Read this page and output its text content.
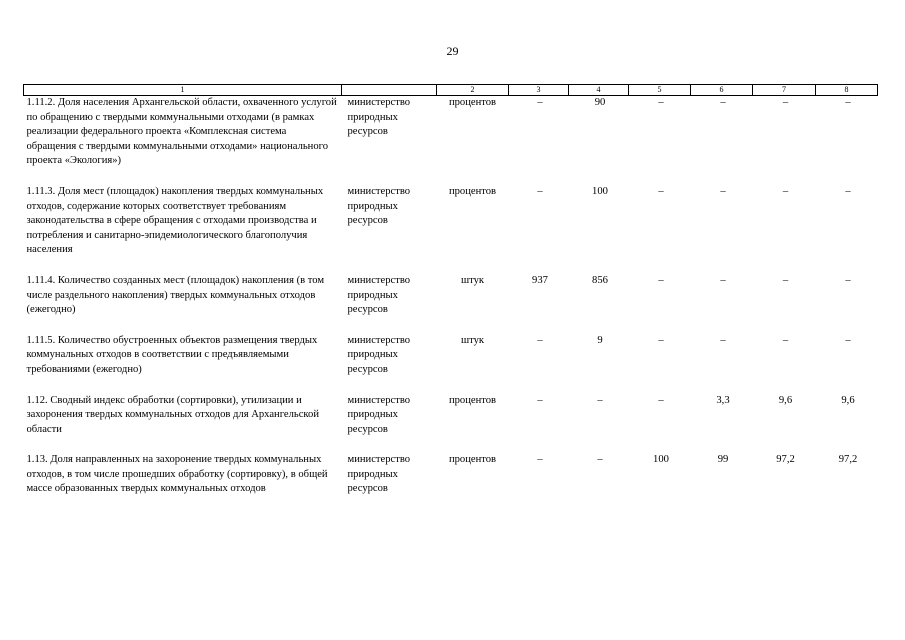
29
1		2	3	4	5	6	7	8
1.11.2. Доля населения Архангельской области, охваченного услугой по обращению с твердыми коммунальными отходами (в рамках реализации федерального проекта «Комплексная система обращения с твердыми коммунальными отходами» национального проекта «Экология»)	министерство природных ресурсов	процентов	–	90	–	–	–	–
1.11.3. Доля мест (площадок) накопления твердых коммунальных отходов, содержание которых соответствует требованиям законодательства в сфере обращения с отходами производства и потребления и санитарно-эпидемиологического благополучия населения	министерство природных ресурсов	процентов	–	100	–	–	–	–
1.11.4. Количество созданных мест (площадок) накопления (в том числе раздельного накопления) твердых коммунальных отходов (ежегодно)	министерство природных ресурсов	штук	937	856	–	–	–	–
1.11.5. Количество обустроенных объектов размещения твердых коммунальных отходов в соответствии с предъявляемыми требованиями (ежегодно)	министерство природных ресурсов	штук	–	9	–	–	–	–
1.12. Сводный индекс обработки (сортировки), утилизации и захоронения твердых коммунальных отходов для Архангельской области	министерство природных ресурсов	процентов	–	–	–	3,3	9,6	9,6
1.13. Доля направленных на захоронение твердых коммунальных отходов, в том числе прошедших обработку (сортировку), в общей массе образованных твердых коммунальных отходов	министерство природных ресурсов	процентов	–	–	100	99	97,2	97,2
